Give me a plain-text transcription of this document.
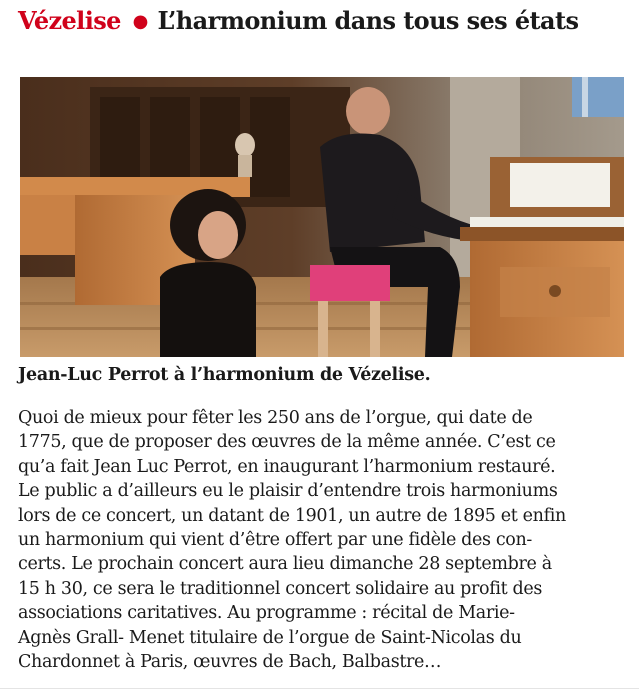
Vézelise ● L’harmonium dans tous ses états
Jean-Luc Perrot à l’harmonium de Vézelise.
Quoi de mieux pour fêter les 250 ans de l’orgue, qui date de
1775, que de proposer des œuvres de la même année. C’est ce
qu’a fait Jean Luc Perrot, en inaugurant l’harmonium restauré.
Le public a d’ailleurs eu le plaisir d’entendre trois harmoniums
lors de ce concert, un datant de 1901, un autre de 1895 et enfin
un harmonium qui vient d’être offert par une fidèle des con-
certs. Le prochain concert aura lieu dimanche 28 septembre à
15 h 30, ce sera le traditionnel concert solidaire au profit des
associations caritatives. Au programme : récital de Marie-
Agnès Grall- Menet titulaire de l’orgue de Saint-Nicolas du
Chardonnet à Paris, œuvres de Bach, Balbastre…
